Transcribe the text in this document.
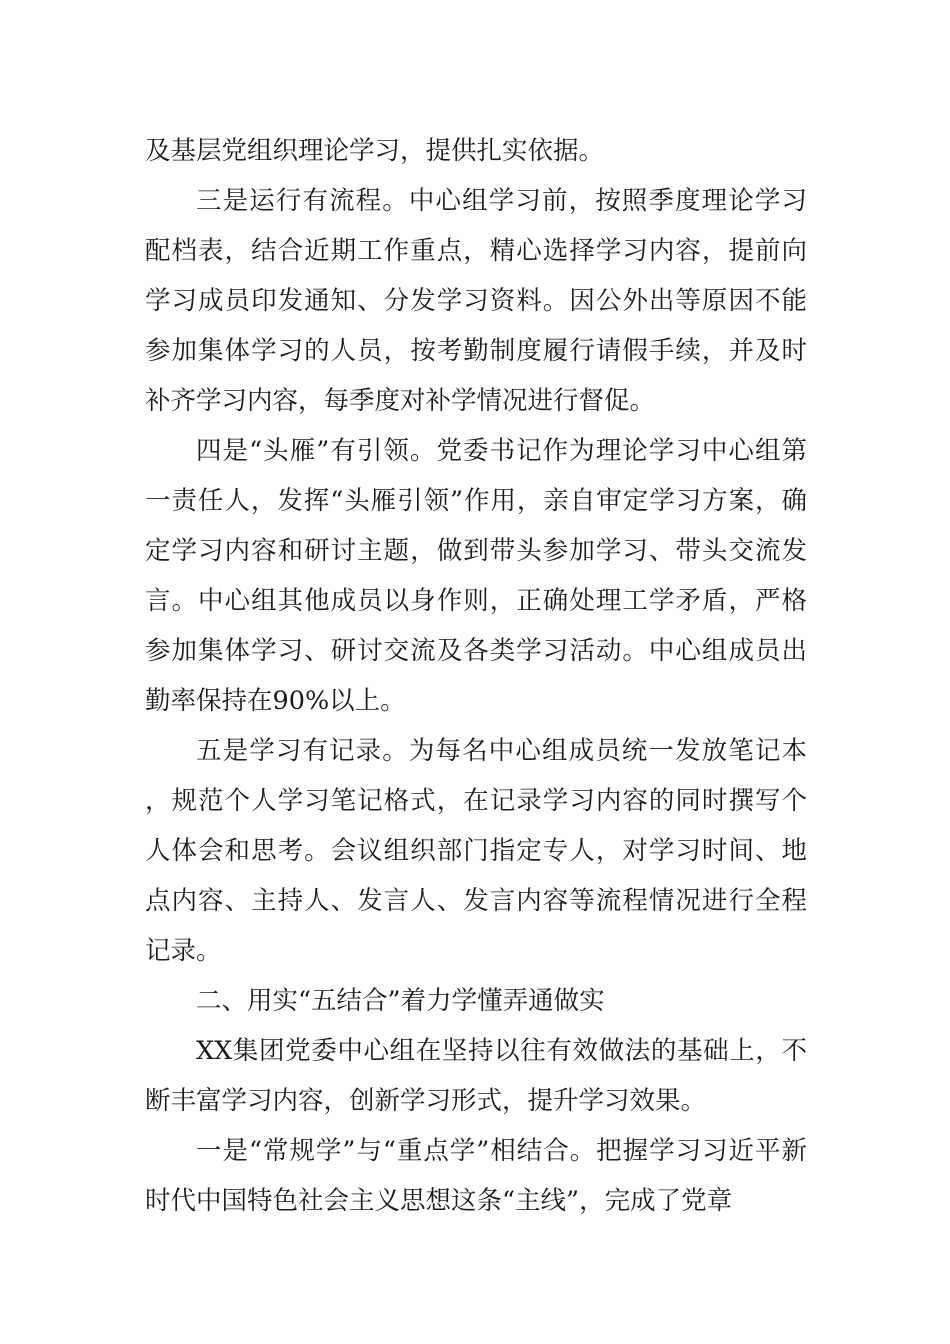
及基层党组织理论学习，提供扎实依据。

三是运行有流程。中心组学习前，按照季度理论学习配档表，结合近期工作重点，精心选择学习内容，提前向学习成员印发通知、分发学习资料。因公外出等原因不能参加集体学习的人员，按考勤制度履行请假手续，并及时补齐学习内容，每季度对补学情况进行督促。

四是“头雁”有引领。党委书记作为理论学习中心组第一责任人，发挥“头雁引领”作用，亲自审定学习方案，确定学习内容和研讨主题，做到带头参加学习、带头交流发言。中心组其他成员以身作则，正确处理工学矛盾，严格参加集体学习、研讨交流及各类学习活动。中心组成员出勤率保持在90%以上。

五是学习有记录。为每名中心组成员统一发放笔记本，规范个人学习笔记格式，在记录学习内容的同时撰写个人体会和思考。会议组织部门指定专人，对学习时间、地点内容、主持人、发言人、发言内容等流程情况进行全程记录。

二、用实“五结合”着力学懂弄通做实

XX集团党委中心组在坚持以往有效做法的基础上，不断丰富学习内容，创新学习形式，提升学习效果。

一是“常规学”与“重点学”相结合。把握学习习近平新时代中国特色社会主义思想这条“主线”，完成了党章
